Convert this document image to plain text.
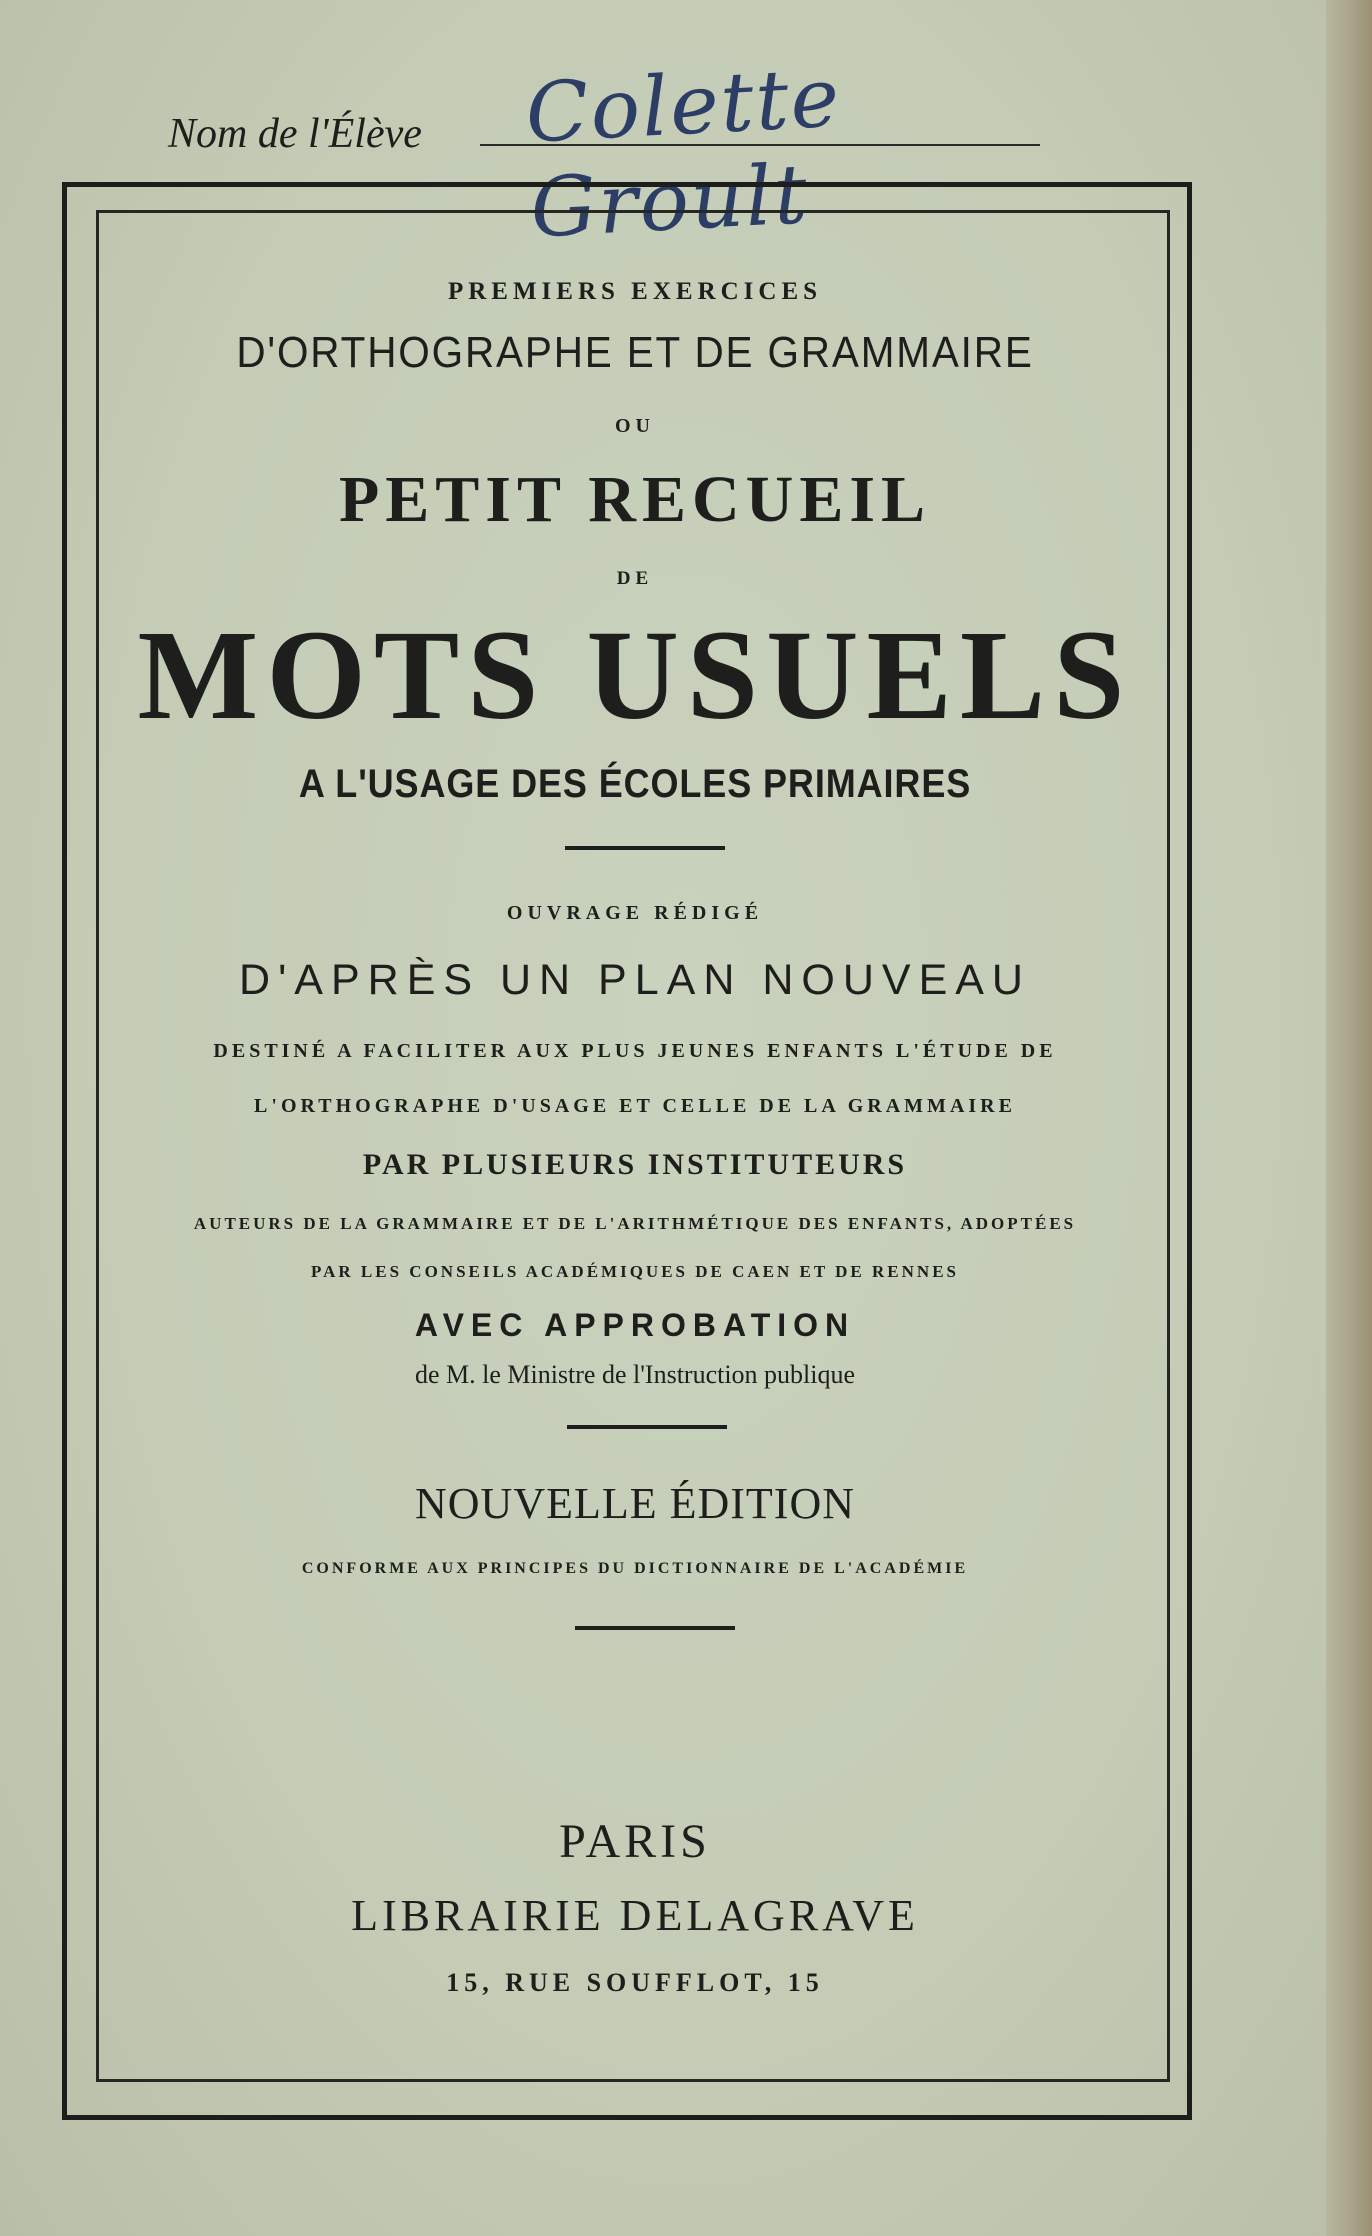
Nom de l'Élève Colette Groult
PREMIERS EXERCICES
D'ORTHOGRAPHE ET DE GRAMMAIRE
OU
PETIT RECUEIL
DE
MOTS USUELS
A L'USAGE DES ÉCOLES PRIMAIRES
OUVRAGE RÉDIGÉ
D'APRÈS UN PLAN NOUVEAU
DESTINÉ A FACILITER AUX PLUS JEUNES ENFANTS L'ÉTUDE DE
L'ORTHOGRAPHE D'USAGE ET CELLE DE LA GRAMMAIRE
PAR PLUSIEURS INSTITUTEURS
AUTEURS DE LA GRAMMAIRE ET DE L'ARITHMÉTIQUE DES ENFANTS, ADOPTÉES
PAR LES CONSEILS ACADÉMIQUES DE CAEN ET DE RENNES
AVEC APPROBATION
de M. le Ministre de l'Instruction publique
NOUVELLE ÉDITION
CONFORME AUX PRINCIPES DU DICTIONNAIRE DE L'ACADÉMIE
PARIS
LIBRAIRIE DELAGRAVE
15, RUE SOUFFLOT, 15
